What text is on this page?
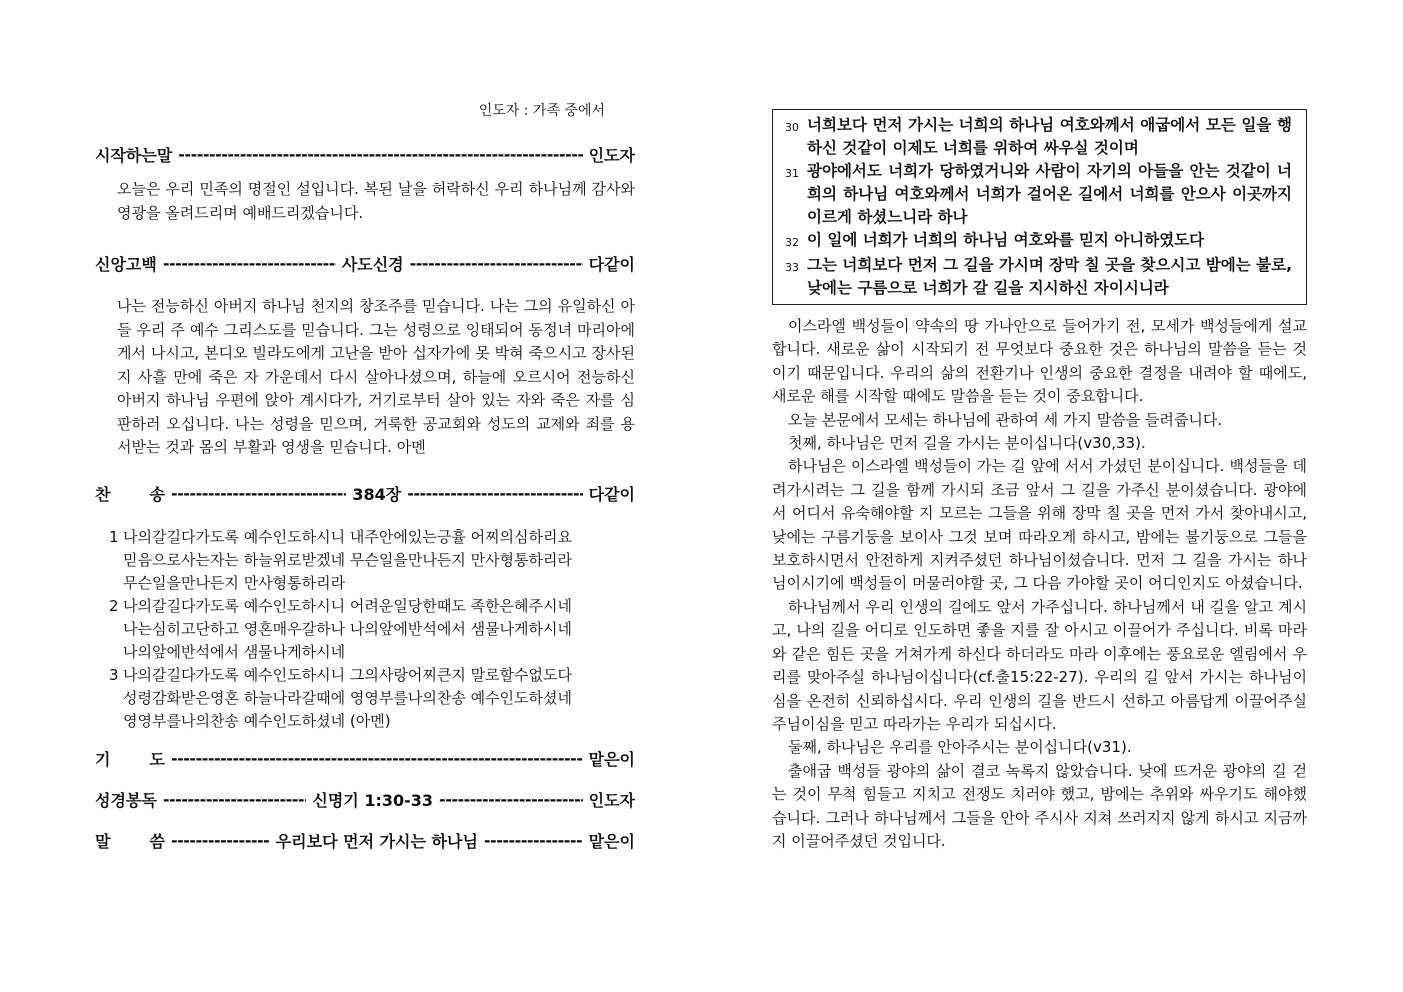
인도자 : 가족 중에서
시작하는말 -----	인도자

오늘은 우리 민족의 명절인 설입니다. 복된 날을 허락하신 우리 하나님께 감사와 영광을 올려드리며 예배드리겠습니다.

신앙고백 -----	사도신경 -----	다같이

나는 전능하신 아버지 하나님 천지의 창조주를 믿습니다. 나는 그의 유일하신 아들 우리 주 예수 그리스도를 믿습니다. 그는 성령으로 잉태되어 동정녀 마리아에게서 나시고, 본디오 빌라도에게 고난을 받아 십자가에 못 박혀 죽으시고 장사된 지 사흘 만에 죽은 자 가운데서 다시 살아나셨으며, 하늘에 오르시어 전능하신 아버지 하나님 우편에 앉아 계시다가, 거기로부터 살아 있는 자와 죽은 자를 심판하러 오십니다. 나는 성령을 믿으며, 거룩한 공교회와 성도의 교제와 죄를 용서받는 것과 몸의 부활과 영생을 믿습니다. 아멘

찬 송 -----	384장 -----	다같이
1 나의갈길다가도록 예수인도하시니 내주안에있는긍휼 어찌의심하리요
믿음으로사는자는 하늘위로받겠네 무슨일을만나든지 만사형통하리라
무슨일을만나든지 만사형통하리라
2 나의갈길다가도록 예수인도하시니 어려운일당한때도 족한은혜주시네
나는심히고단하고 영혼매우갈하나 나의앞에반석에서 샘물나게하시네
나의앞에반석에서 샘물나게하시네
3 나의갈길다가도록 예수인도하시니 그의사랑어찌큰지 말로할수없도다
성령감화받은영혼 하늘나라갈때에 영영부를나의찬송 예수인도하셨네
영영부를나의찬송 예수인도하셨네 (아멘)
기 도 -----	맡은이
성경봉독 -----	신명기 1:30-33 -----	인도자
말 씀 -----	우리보다 먼저 가시는 하나님 -----	맡은이
30 너희보다 먼저 가시는 너희의 하나님 여호와께서 애굽에서 모든 일을 행하신 것같이 이제도 너희를 위하여 싸우실 것이며
31 광야에서도 너희가 당하였거니와 사람이 자기의 아들을 안는 것같이 너희의 하나님 여호와께서 너희가 걸어온 길에서 너희를 안으사 이곳까지 이르게 하셨느니라 하나
32 이 일에 너희가 너희의 하나님 여호와를 믿지 아니하였도다
33 그는 너희보다 먼저 그 길을 가시며 장막 칠 곳을 찾으시고 밤에는 불로, 낮에는 구름으로 너희가 갈 길을 지시하신 자이시니라

이스라엘 백성들이 약속의 땅 가나안으로 들어가기 전, 모세가 백성들에게 설교합니다. 새로운 삶이 시작되기 전 무엇보다 중요한 것은 하나님의 말씀을 듣는 것이기 때문입니다. 우리의 삶의 전환기나 인생의 중요한 결정을 내려야 할 때에도, 새로운 해를 시작할 때에도 말씀을 듣는 것이 중요합니다.

오늘 본문에서 모세는 하나님에 관하여 세 가지 말씀을 들려줍니다.

첫째, 하나님은 먼저 길을 가시는 분이십니다(v30,33).

하나님은 이스라엘 백성들이 가는 길 앞에 서서 가셨던 분이십니다. 백성들을 데려가시려는 그 길을 함께 가시되 조금 앞서 그 길을 가주신 분이셨습니다. 광야에서 어디서 유숙해야할 지 모르는 그들을 위해 장막 칠 곳을 먼저 가서 찾아내시고, 낮에는 구름기둥을 보이사 그것 보며 따라오게 하시고, 밤에는 불기둥으로 그들을 보호하시면서 안전하게 지켜주셨던 하나님이셨습니다. 먼저 그 길을 가시는 하나님이시기에 백성들이 머물러야할 곳, 그 다음 가야할 곳이 어디인지도 아셨습니다.

하나님께서 우리 인생의 길에도 앞서 가주십니다. 하나님께서 내 길을 알고 계시고, 나의 길을 어디로 인도하면 좋을 지를 잘 아시고 이끌어가 주십니다. 비록 마라와 같은 힘든 곳을 거쳐가게 하신다 하더라도 마라 이후에는 풍요로운 엘림에서 우리를 맞아주실 하나님이십니다(cf.출15:22-27). 우리의 길 앞서 가시는 하나님이심을 온전히 신뢰하십시다. 우리 인생의 길을 반드시 선하고 아름답게 이끌어주실 주님이심을 믿고 따라가는 우리가 되십시다.

둘째, 하나님은 우리를 안아주시는 분이십니다(v31).

출애굽 백성들 광야의 삶이 결코 녹록지 않았습니다. 낮에 뜨거운 광야의 길 걷는 것이 무척 힘들고 지치고 전쟁도 치러야 했고, 밤에는 추위와 싸우기도 해야했습니다. 그러나 하나님께서 그들을 안아 주시사 지쳐 쓰러지지 않게 하시고 지금까지 이끌어주셨던 것입니다.
